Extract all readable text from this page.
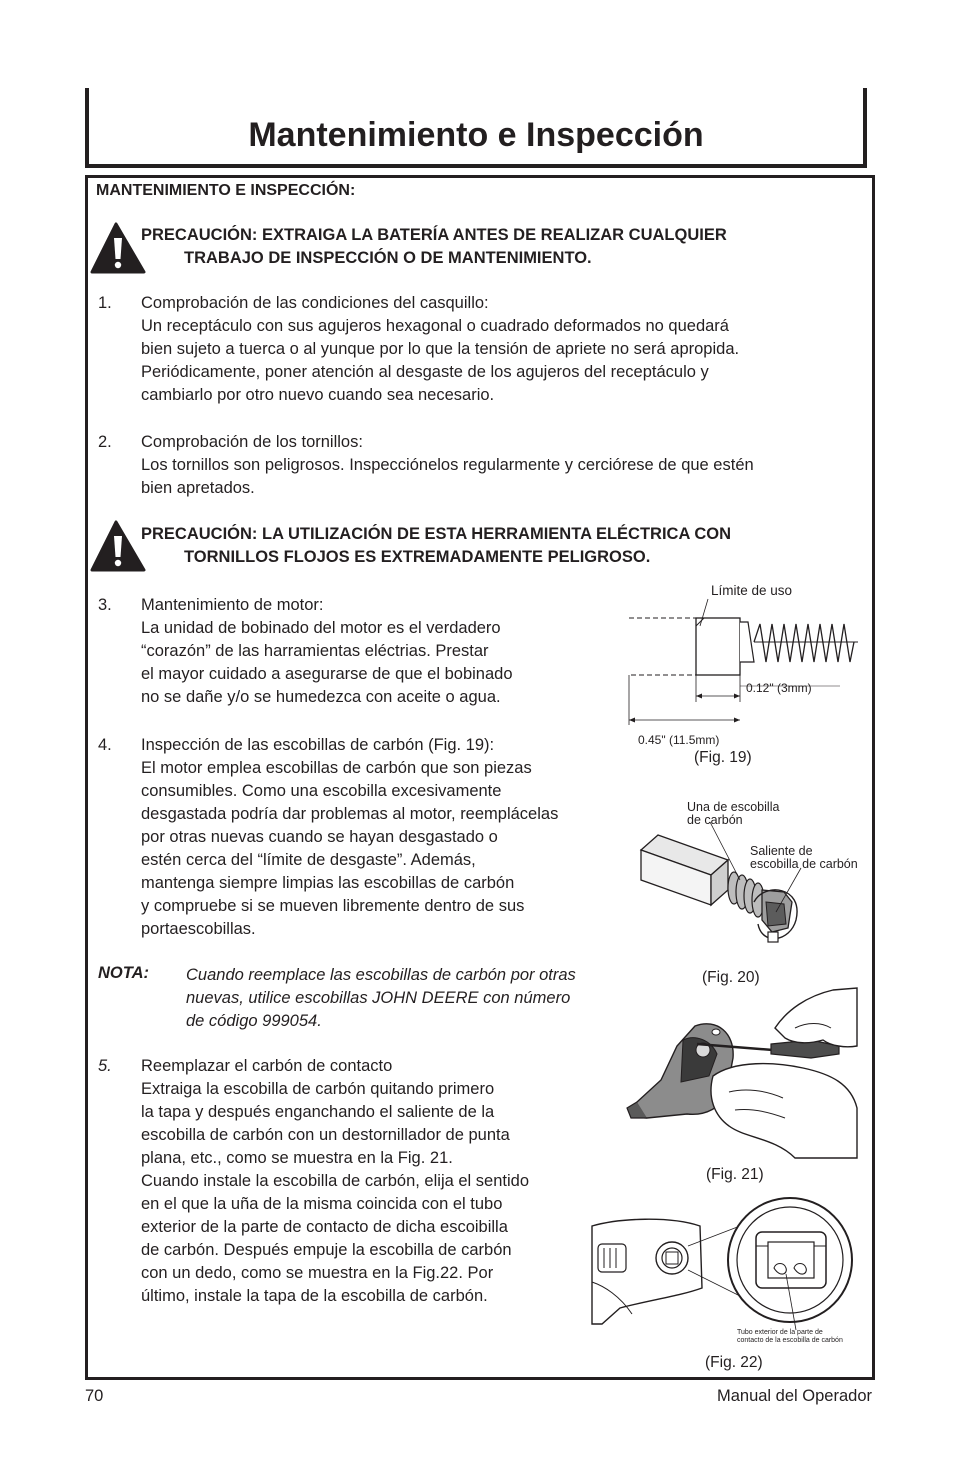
Mantenimiento e Inspección
MANTENIMIENTO E INSPECCIÓN:
PRECAUCIÓN: EXTRAIGA LA BATERÍA ANTES DE REALIZAR CUALQUIER
TRABAJO DE INSPECCIÓN O DE MANTENIMIENTO.
1. Comprobación de las condiciones del casquillo:
Un receptáculo con sus agujeros hexagonal o cuadrado deformados no quedará
bien sujeto a tuerca o al yunque por lo que la tensión de apriete no será apropida.
Periódicamente, poner atención al desgaste de los agujeros del receptáculo y
cambiarlo por otro nuevo cuando sea necesario.
2. Comprobación de los tornillos:
Los tornillos son peligrosos. Inspecciónelos regularmente y cerciórese de que estén
bien apretados.
PRECAUCIÓN: LA UTILIZACIÓN DE ESTA HERRAMIENTA ELÉCTRICA CON
TORNILLOS FLOJOS ES EXTREMADAMENTE PELIGROSO.
3. Mantenimiento de motor:
La unidad de bobinado del motor es el verdadero
“corazón” de las harramientas eléctrias. Prestar
el mayor cuidado a asegurarse de que el bobinado
no se dañe y/o se humedezca con aceite o agua.
4. Inspección de las escobillas de carbón (Fig. 19):
El motor emplea escobillas de carbón que son piezas
consumibles. Como una escobilla excesivamente
desgastada podría dar problemas al motor, reemplácelas
por otras nuevas cuando se hayan desgastado o
estén cerca del “límite de desgaste”. Además,
mantenga siempre limpias las escobillas de carbón
y compruebe si se mueven libremente dentro de sus
portaescobillas.
NOTA: Cuando reemplace las escobillas de carbón por otras
nuevas, utilice escobillas JOHN DEERE con número
de código 999054.
5. Reemplazar el carbón de contacto
Extraiga la escobilla de carbón quitando primero
la tapa y después enganchando el saliente de la
escobilla de carbón con un destornillador de punta
plana, etc., como se muestra en la Fig. 21.
Cuando instale la escobilla de carbón, elija el sentido
en el que la uña de la misma coincida con el tubo
exterior de la parte de contacto de dicha escoibilla
de carbón. Después empuje la escobilla de carbón
con un dedo, como se muestra en la Fig.22. Por
último, instale la tapa de la escobilla de carbón.
Límite de uso
0.12" (3mm)
0.45" (11.5mm)
(Fig. 19)
Una de escobilla
de carbón
Saliente de
escobilla de carbón
(Fig. 20)
(Fig. 21)
Tubo exterior de la parte de
contacto de la escobilla de carbón
(Fig. 22)
70	Manual del Operador
